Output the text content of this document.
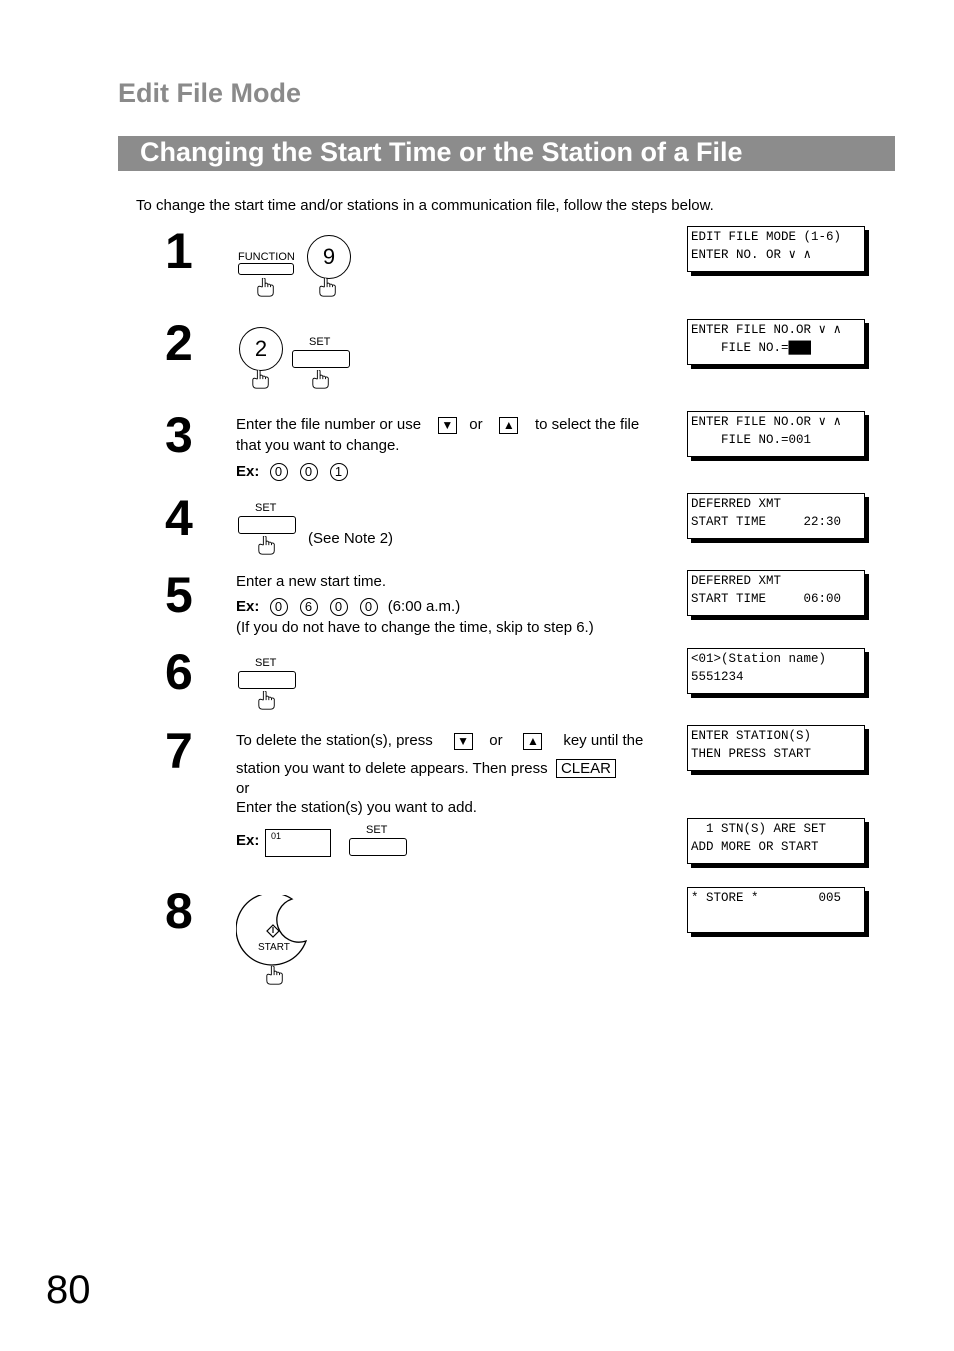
Edit File Mode
Changing the Start Time or the Station of a File
To change the start time and/or stations in a communication file, follow the steps below.
1	FUNCTION	9
EDIT FILE MODE (1-6)
ENTER NO. OR ∨ ∧
2	2	SET
ENTER FILE NO.OR ∨ ∧
FILE NO.=███
3	Enter the file number or use ▼ or ▲ to select the file
that you want to change.
Ex: 0 0 1
ENTER FILE NO.OR ∨ ∧
FILE NO.=001
4	SET
(See Note 2)
DEFERRED XMT
START TIME     22:30
5	Enter a new start time.
Ex: 0 6 0 0 (6:00 a.m.)
(If you do not have to change the time, skip to step 6.)
DEFERRED XMT
START TIME     06:00
6	SET	<01>(Station name)
5551234
7	To delete the station(s), press ▼ or ▲ key until the
station you want to delete appears. Then press CLEAR
or
Enter the station(s) you want to add.
Ex: 01	SET
ENTER STATION(S)
THEN PRESS START
1 STN(S) ARE SET
ADD MORE OR START
8
START
* STORE *        005

80
